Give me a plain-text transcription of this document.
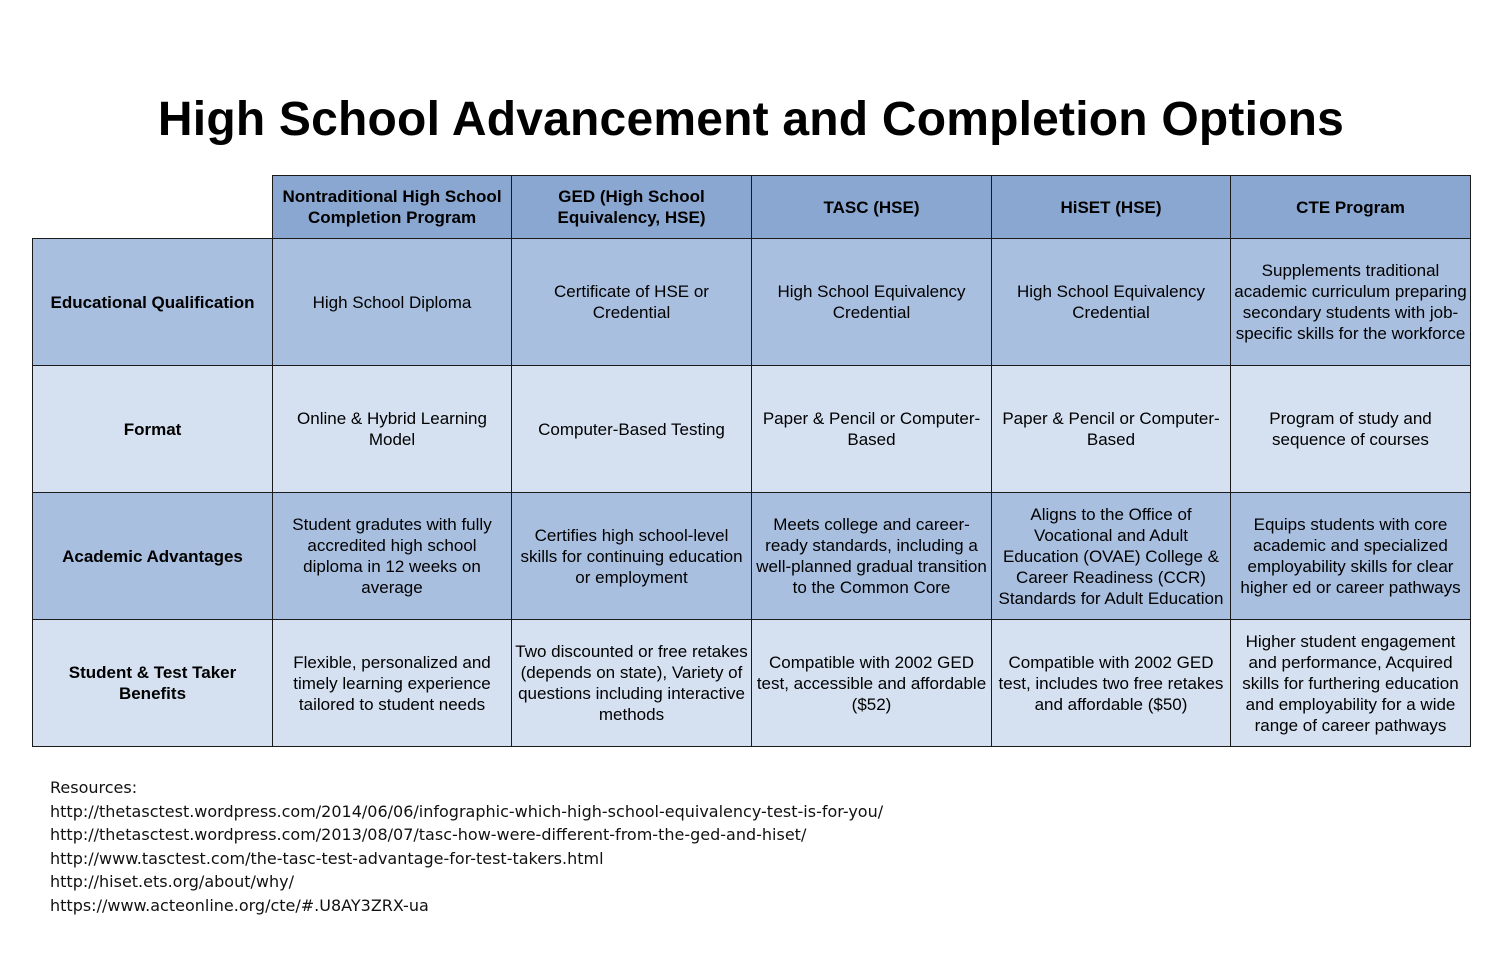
High School Advancement and Completion Options
	Nontraditional High School Completion Program	GED (High School Equivalency, HSE)	TASC (HSE)	HiSET (HSE)	CTE Program
Educational Qualification	High School Diploma	Certificate of HSE or Credential	High School Equivalency Credential	High School Equivalency Credential	Supplements traditional academic curriculum preparing secondary students with job-specific skills for the workforce
Format	Online & Hybrid Learning Model	Computer-Based Testing	Paper & Pencil or Computer-Based	Paper & Pencil or Computer-Based	Program of study and sequence of courses
Academic Advantages	Student gradutes with fully accredited high school diploma in 12 weeks on average	Certifies high school-level skills for continuing education or employment	Meets college and career-ready standards, including a well-planned gradual transition to the Common Core	Aligns to the Office of Vocational and Adult Education (OVAE) College & Career Readiness (CCR) Standards for Adult Education	Equips students with core academic and specialized employability skills for clear higher ed or career pathways
Student & Test Taker Benefits	Flexible, personalized and timely learning experience tailored to student needs	Two discounted or free retakes (depends on state), Variety of questions including interactive methods	Compatible with 2002 GED test, accessible and affordable ($52)	Compatible with 2002 GED test, includes two free retakes and affordable ($50)	Higher student engagement and performance, Acquired skills for furthering education and employability for a wide range of career pathways
Resources:
http://thetasctest.wordpress.com/2014/06/06/infographic-which-high-school-equivalency-test-is-for-you/
http://thetasctest.wordpress.com/2013/08/07/tasc-how-were-different-from-the-ged-and-hiset/
http://www.tasctest.com/the-tasc-test-advantage-for-test-takers.html
http://hiset.ets.org/about/why/
https://www.acteonline.org/cte/#.U8AY3ZRX-ua
